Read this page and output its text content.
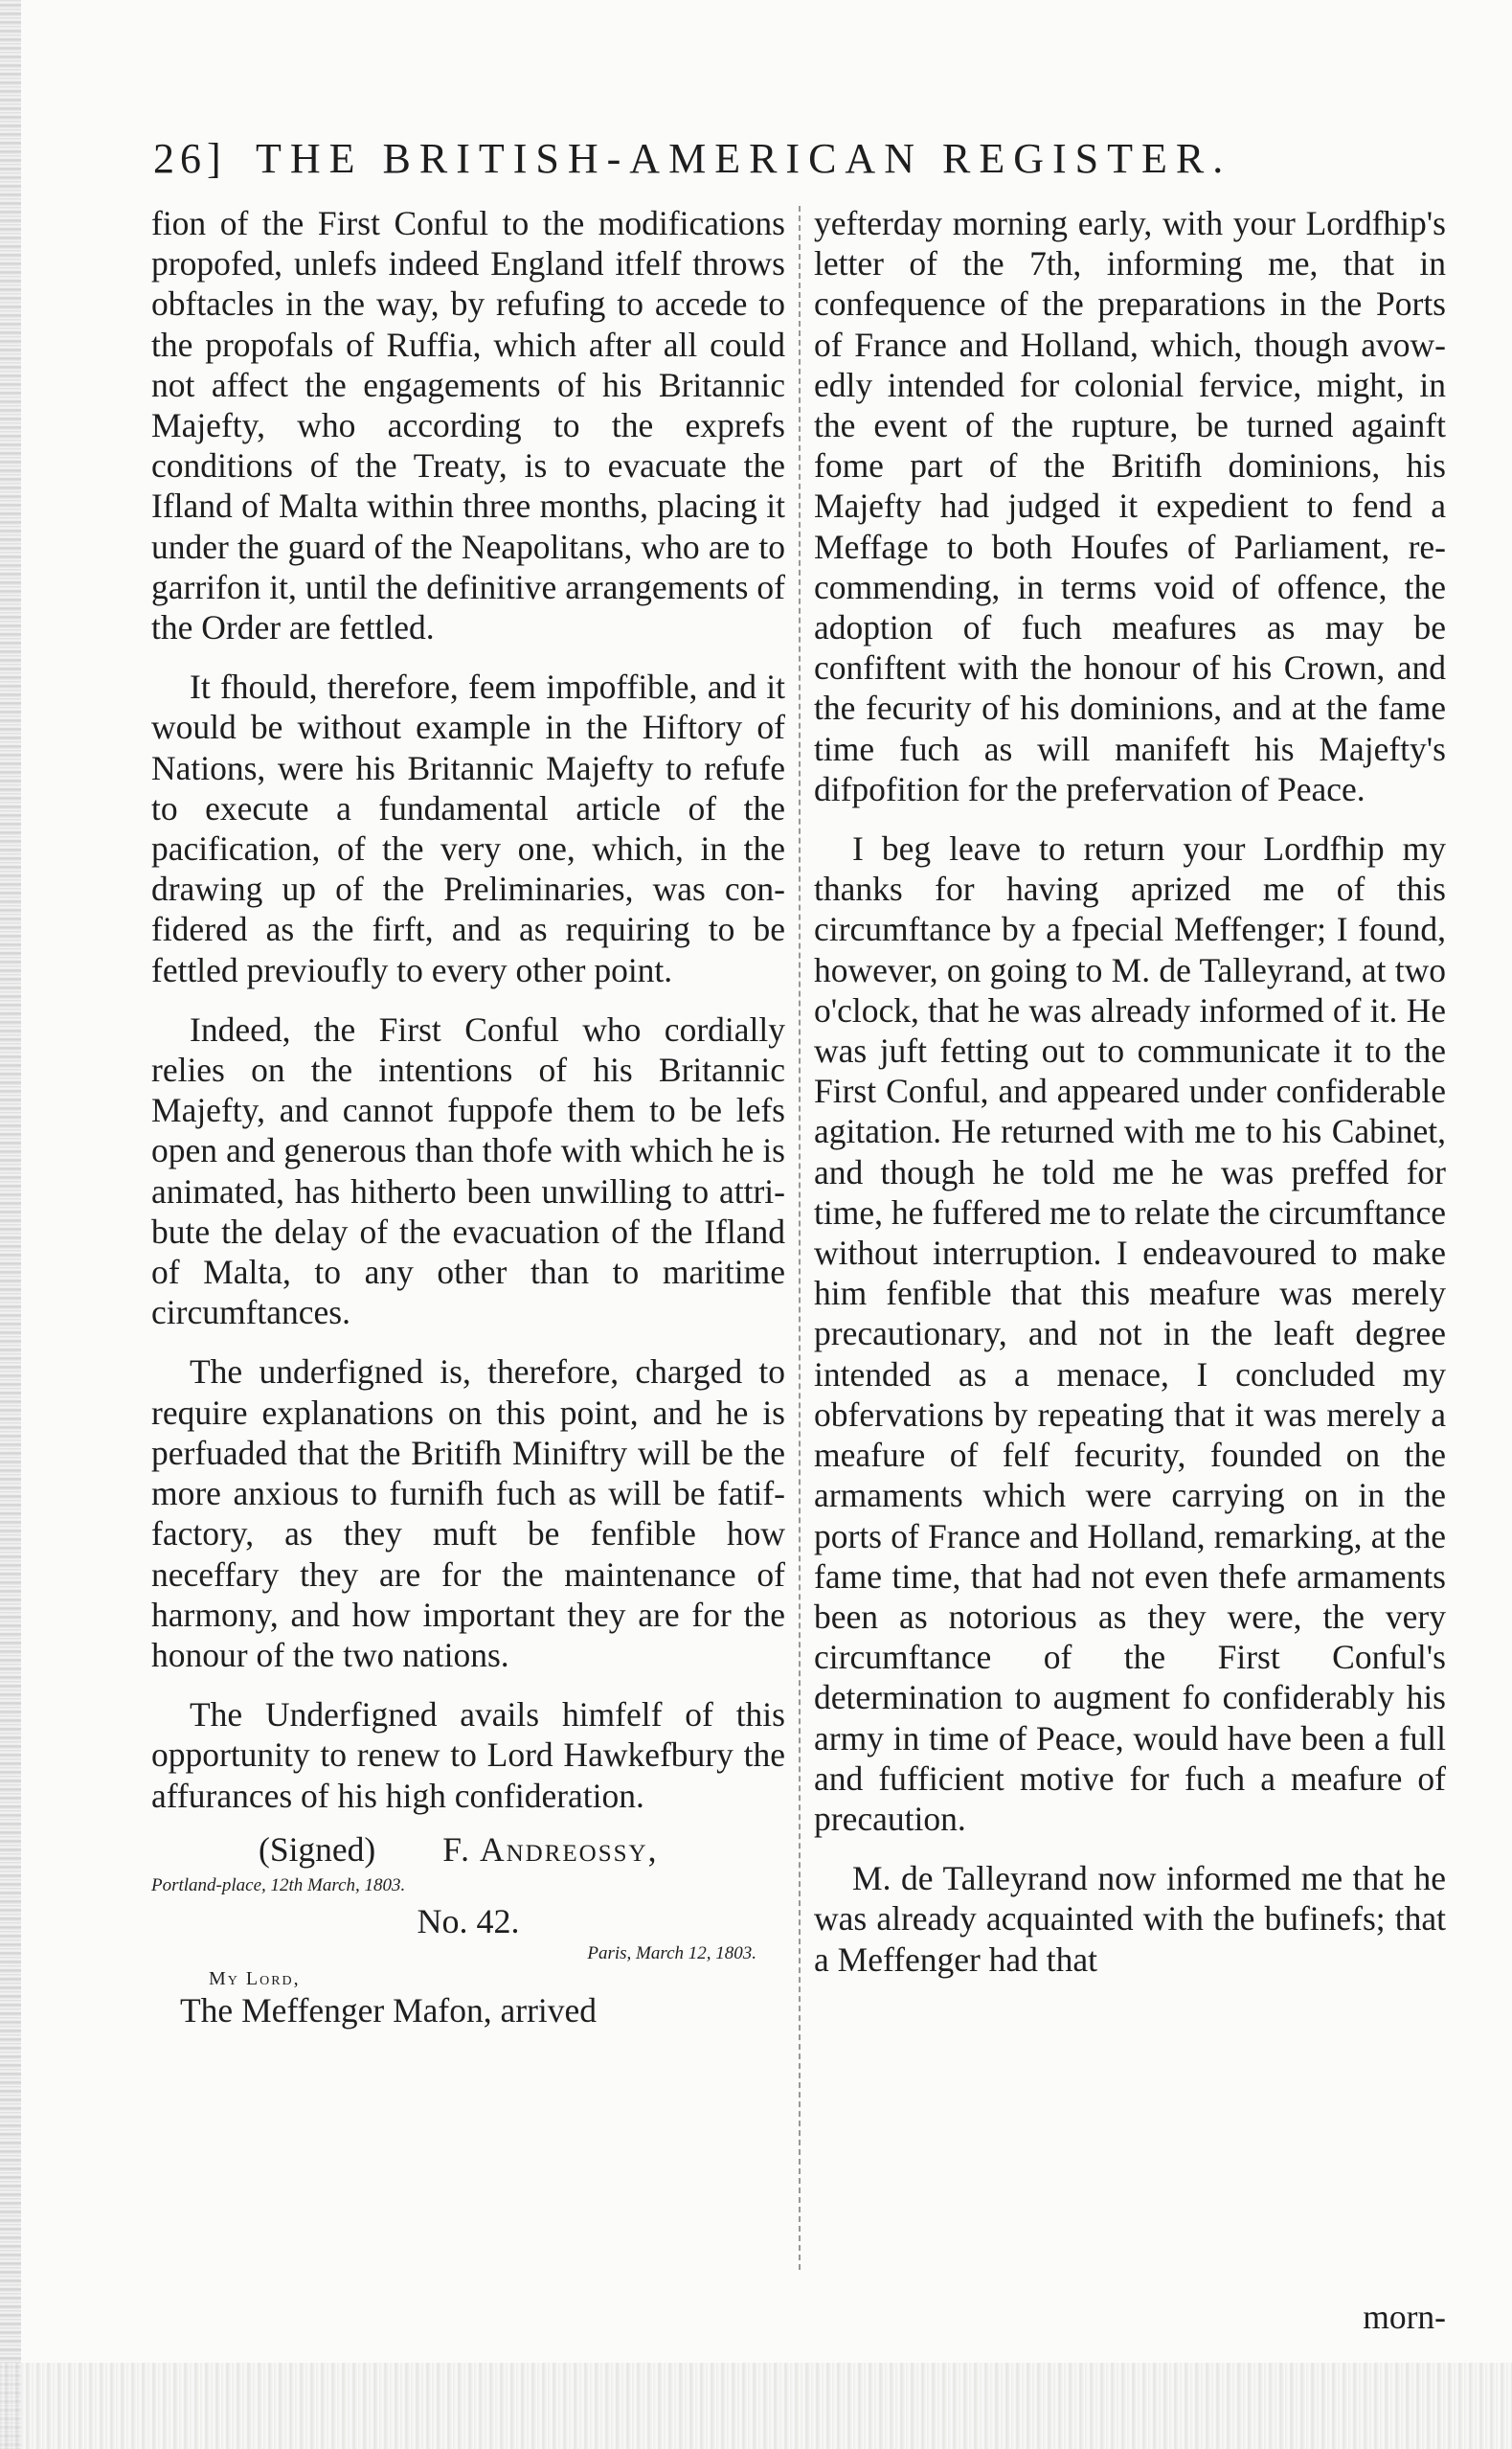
26] THE BRITISH-AMERICAN REGISTER.

fion of the First Conful to the modifications propofed, unlefs indeed England itfelf throws obftacles in the way, by refufing to accede to the propofals of Ruffia, which after all could not affect the engagements of his Britannic Majefty, who according to the exprefs conditions of the Treaty, is to evacuate the Ifland of Malta within three months, placing it under the guard of the Neapolitans, who are to garrifon it, until the definitive arrangements of the Order are fettled.

It fhould, therefore, feem impoffible, and it would be without example in the Hiftory of Nations, were his Britannic Majefty to refufe to execute a fundamental article of the pacification, of the very one, which, in the drawing up of the Preliminaries, was confidered as the firft, and as requiring to be fettled previoufly to every other point.

Indeed, the First Conful who cordially relies on the intentions of his Britannic Majefty, and cannot fuppofe them to be lefs open and generous than thofe with which he is animated, has hitherto been unwilling to attribute the delay of the evacuation of the Ifland of Malta, to any other than to maritime circumftances.

The underfigned is, therefore, charged to require explanations on this point, and he is perfuaded that the Britifh Miniftry will be the more anxious to furnifh fuch as will be fatiffactory, as they muft be fenfible how neceffary they are for the maintenance of harmony, and how important they are for the honour of the two nations.

The Underfigned avails himfelf of this opportunity to renew to Lord Hawkefbury the affurances of his high confideration.

(Signed) F. Andreossy,
Portland-place, 12th March, 1803.
No. 42.
Paris, March 12, 1803.
My Lord,

The Meffenger Mafon, arrived

yefterday morning early, with your Lordfhip's letter of the 7th, informing me, that in confequence of the preparations in the Ports of France and Holland, which, though avowedly intended for colonial fervice, might, in the event of the rupture, be turned againft fome part of the Britifh dominions, his Majefty had judged it expedient to fend a Meffage to both Houfes of Parliament, recommending, in terms void of offence, the adoption of fuch meafures as may be confiftent with the honour of his Crown, and the fecurity of his dominions, and at the fame time fuch as will manifeft his Majefty's difpofition for the prefervation of Peace.

I beg leave to return your Lordfhip my thanks for having aprized me of this circumftance by a fpecial Meffenger; I found, however, on going to M. de Talleyrand, at two o'clock, that he was already informed of it. He was juft fetting out to communicate it to the First Conful, and appeared under confiderable agitation. He returned with me to his Cabinet, and though he told me he was preffed for time, he fuffered me to relate the circumftance without interruption. I endeavoured to make him fenfible that this meafure was merely precautionary, and not in the leaft degree intended as a menace, I concluded my obfervations by repeating that it was merely a meafure of felf fecurity, founded on the armaments which were carrying on in the ports of France and Holland, remarking, at the fame time, that had not even thefe armaments been as notorious as they were, the very circumftance of the First Conful's determination to augment fo confiderably his army in time of Peace, would have been a full and fufficient motive for fuch a meafure of precaution.

M. de Talleyrand now informed me that he was already acquainted with the bufinefs; that a Meffenger had that

morn-
